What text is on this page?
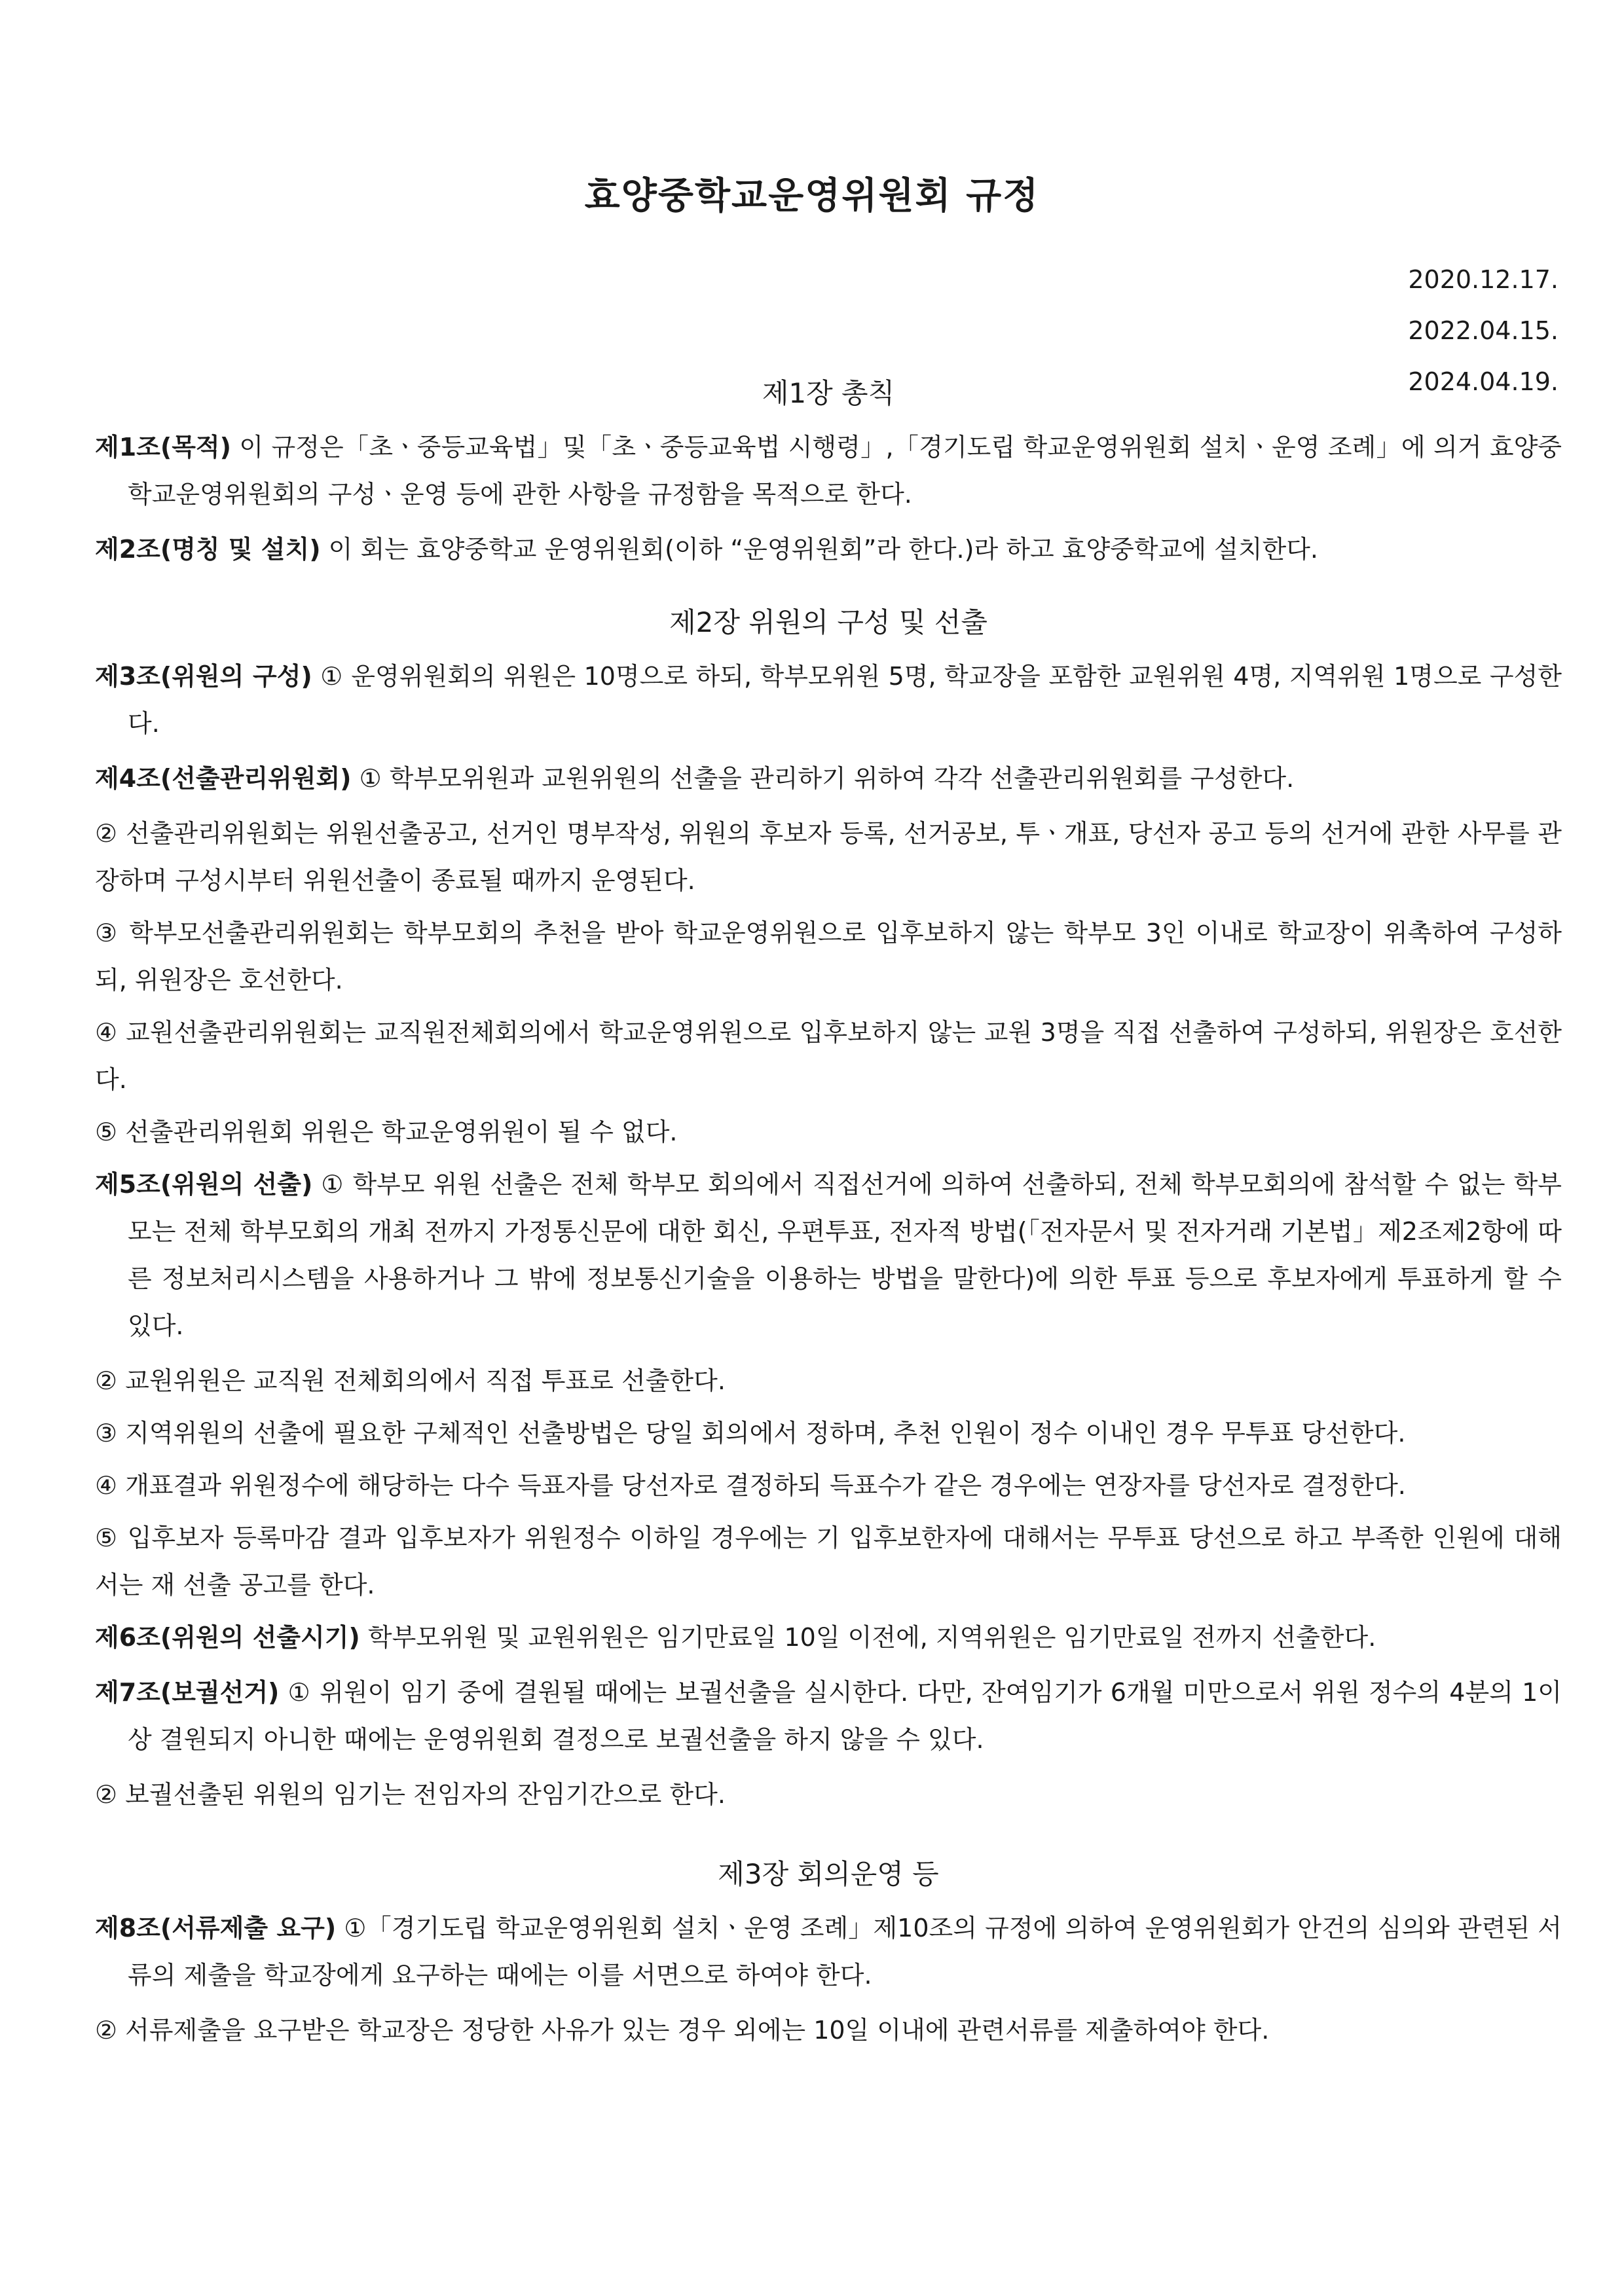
효양중학교운영위원회 규정
2020.12.17.
2022.04.15.
2024.04.19.

제1장 총칙

제1조(목적) 이 규정은「초ㆍ중등교육법」및「초ㆍ중등교육법 시행령」,「경기도립 학교운영위원회 설치ㆍ운영 조례」에 의거 효양중학교운영위원회의 구성ㆍ운영 등에 관한 사항을 규정함을 목적으로 한다.

제2조(명칭 및 설치) 이 회는 효양중학교 운영위원회(이하 “운영위원회”라 한다.)라 하고 효양중학교에 설치한다.

제2장 위원의 구성 및 선출

제3조(위원의 구성) ① 운영위원회의 위원은 10명으로 하되, 학부모위원 5명, 학교장을 포함한 교원위원 4명, 지역위원 1명으로 구성한다.

제4조(선출관리위원회) ① 학부모위원과 교원위원의 선출을 관리하기 위하여 각각 선출관리위원회를 구성한다.

② 선출관리위원회는 위원선출공고, 선거인 명부작성, 위원의 후보자 등록, 선거공보, 투ㆍ개표, 당선자 공고 등의 선거에 관한 사무를 관장하며 구성시부터 위원선출이 종료될 때까지 운영된다.

③ 학부모선출관리위원회는 학부모회의 추천을 받아 학교운영위원으로 입후보하지 않는 학부모 3인 이내로 학교장이 위촉하여 구성하되, 위원장은 호선한다.

④ 교원선출관리위원회는 교직원전체회의에서 학교운영위원으로 입후보하지 않는 교원 3명을 직접 선출하여 구성하되, 위원장은 호선한다.

⑤ 선출관리위원회 위원은 학교운영위원이 될 수 없다.

제5조(위원의 선출) ① 학부모 위원 선출은 전체 학부모 회의에서 직접선거에 의하여 선출하되, 전체 학부모회의에 참석할 수 없는 학부모는 전체 학부모회의 개최 전까지 가정통신문에 대한 회신, 우편투표, 전자적 방법(「전자문서 및 전자거래 기본법」제2조제2항에 따른 정보처리시스템을 사용하거나 그 밖에 정보통신기술을 이용하는 방법을 말한다)에 의한 투표 등으로 후보자에게 투표하게 할 수 있다.

② 교원위원은 교직원 전체회의에서 직접 투표로 선출한다.

③ 지역위원의 선출에 필요한 구체적인 선출방법은 당일 회의에서 정하며, 추천 인원이 정수 이내인 경우 무투표 당선한다.

④ 개표결과 위원정수에 해당하는 다수 득표자를 당선자로 결정하되 득표수가 같은 경우에는 연장자를 당선자로 결정한다.

⑤ 입후보자 등록마감 결과 입후보자가 위원정수 이하일 경우에는 기 입후보한자에 대해서는 무투표 당선으로 하고 부족한 인원에 대해서는 재 선출 공고를 한다.

제6조(위원의 선출시기) 학부모위원 및 교원위원은 임기만료일 10일 이전에, 지역위원은 임기만료일 전까지 선출한다.

제7조(보궐선거) ① 위원이 임기 중에 결원될 때에는 보궐선출을 실시한다. 다만, 잔여임기가 6개월 미만으로서 위원 정수의 4분의 1이상 결원되지 아니한 때에는 운영위원회 결정으로 보궐선출을 하지 않을 수 있다.

② 보궐선출된 위원의 임기는 전임자의 잔임기간으로 한다.

제3장 회의운영 등

제8조(서류제출 요구) ①「경기도립 학교운영위원회 설치ㆍ운영 조례」제10조의 규정에 의하여 운영위원회가 안건의 심의와 관련된 서류의 제출을 학교장에게 요구하는 때에는 이를 서면으로 하여야 한다.

② 서류제출을 요구받은 학교장은 정당한 사유가 있는 경우 외에는 10일 이내에 관련서류를 제출하여야 한다.
